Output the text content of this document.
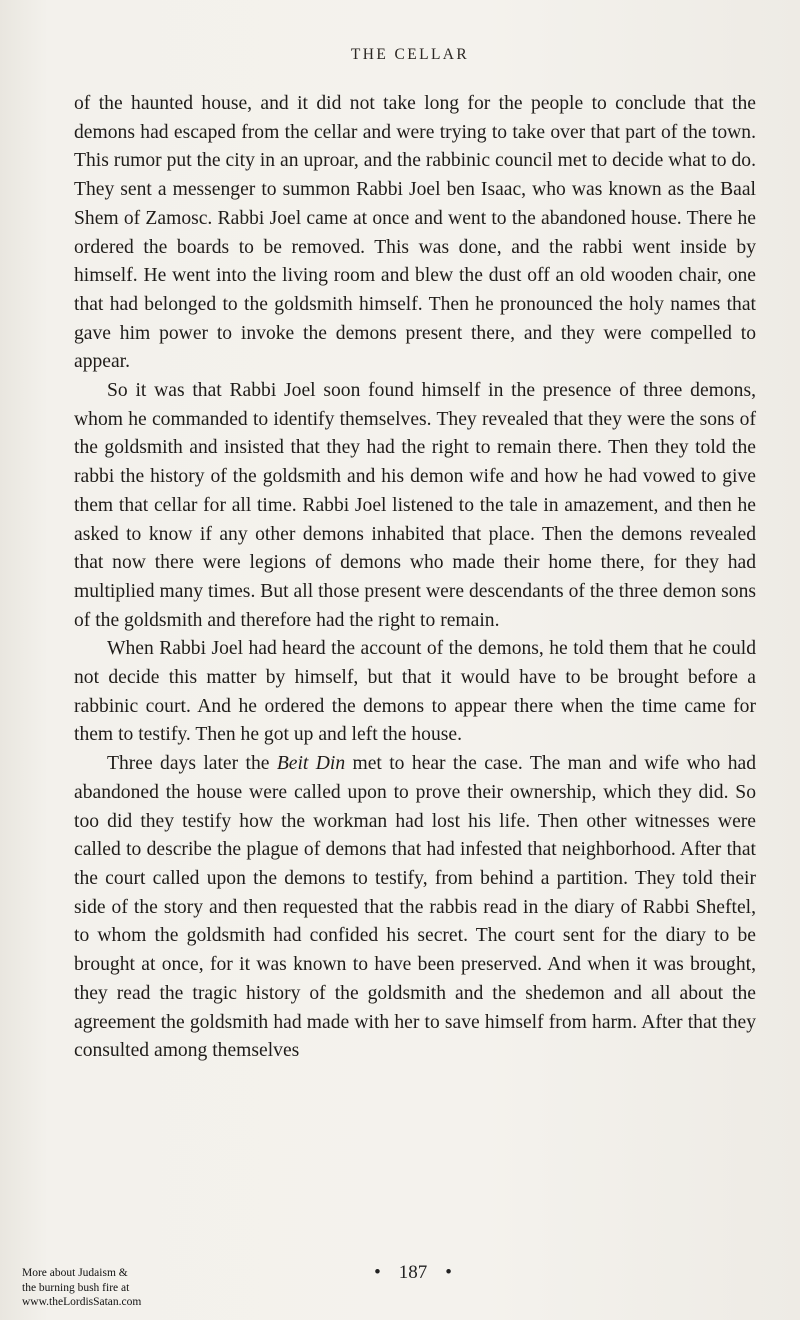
THE CELLAR

of the haunted house, and it did not take long for the people to conclude that the demons had escaped from the cellar and were trying to take over that part of the town. This rumor put the city in an uproar, and the rabbinic council met to decide what to do. They sent a messenger to summon Rabbi Joel ben Isaac, who was known as the Baal Shem of Zamosc. Rabbi Joel came at once and went to the abandoned house. There he ordered the boards to be removed. This was done, and the rabbi went inside by himself. He went into the living room and blew the dust off an old wooden chair, one that had belonged to the goldsmith himself. Then he pronounced the holy names that gave him power to invoke the demons present there, and they were compelled to appear.

So it was that Rabbi Joel soon found himself in the presence of three demons, whom he commanded to identify themselves. They revealed that they were the sons of the goldsmith and insisted that they had the right to remain there. Then they told the rabbi the history of the goldsmith and his demon wife and how he had vowed to give them that cellar for all time. Rabbi Joel listened to the tale in amazement, and then he asked to know if any other demons inhabited that place. Then the demons revealed that now there were legions of demons who made their home there, for they had multiplied many times. But all those present were descendants of the three demon sons of the goldsmith and therefore had the right to remain.

When Rabbi Joel had heard the account of the demons, he told them that he could not decide this matter by himself, but that it would have to be brought before a rabbinic court. And he ordered the demons to appear there when the time came for them to testify. Then he got up and left the house.

Three days later the Beit Din met to hear the case. The man and wife who had abandoned the house were called upon to prove their ownership, which they did. So too did they testify how the workman had lost his life. Then other witnesses were called to describe the plague of demons that had infested that neighborhood. After that the court called upon the demons to testify, from behind a partition. They told their side of the story and then requested that the rabbis read in the diary of Rabbi Sheftel, to whom the goldsmith had confided his secret. The court sent for the diary to be brought at once, for it was known to have been preserved. And when it was brought, they read the tragic history of the goldsmith and the shedemon and all about the agreement the goldsmith had made with her to save himself from harm. After that they consulted among themselves

• 187 •
More about Judaism &
the burning bush fire at
www.theLordisSatan.com
